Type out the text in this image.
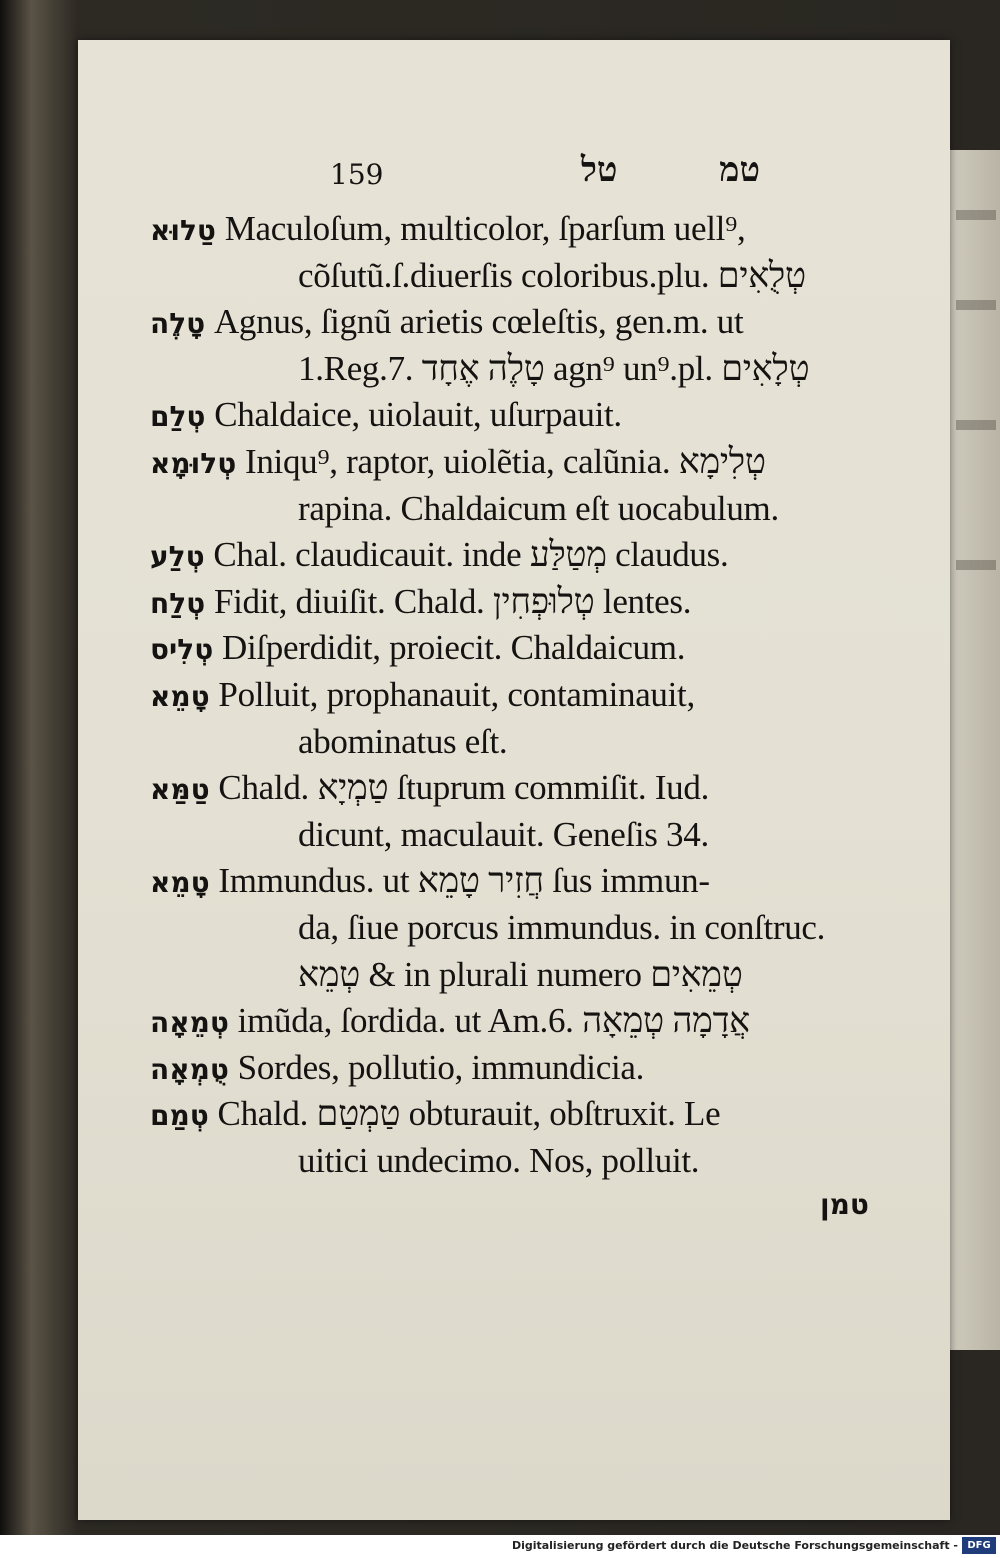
159	טמ טל
טַלוּא Maculoſum, multicolor, ſparſum uell⁹,
cõſutũ.ſ.diuerſis coloribus.plu. טְלֻאִים
טָלֶה Agnus, ſignũ arietis cœleſtis, gen.m. ut
1.Reg.7. טָלֶה אֶחָד agn⁹ un⁹.pl. טְלָאִים
טְלַם Chaldaice, uiolauit, uſurpauit.
טְלוּמָא Iniqu⁹, raptor, uiolẽtia, calũnia. טְלִימָא
rapina. Chaldaicum eſt uocabulum.
טְלַע Chal. claudicauit. inde מְטַלַּע claudus.
טְלַח Fidit, diuiſit. Chald. טְלוּפְחִין lentes.
טְלִיס Diſperdidit, proiecit. Chaldaicum.
טָמֵא Polluit, prophanauit, contaminauit,
abominatus eſt.
טַמַּא Chald. טַמְיָא ſtuprum commiſit. Iud.
dicunt, maculauit. Geneſis 34.
טָמֵא Immundus. ut חֲזִיר טָמֵא ſus immun-
da, ſiue porcus immundus. in conſtruc.
טְמֵא & in plurali numero טְמֵאִים
טְמֵאָה imũda, ſordida. ut Am.6. אֲדָמָה טְמֵאָה
טֻמְאָה Sordes, pollutio, immundicia.
טְמַם Chald. טַמְטַם obturauit, obſtruxit. Le
uitici undecimo. Nos, polluit.
טמן
Digitalisierung gefördert durch die Deutsche Forschungsgemeinschaft - DFG
